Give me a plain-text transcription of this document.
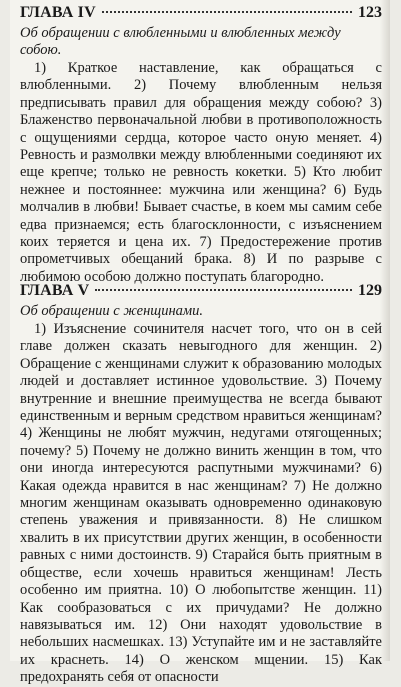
ГЛАВА IV	123
Об обращении с влюбленными и влюбленных между собою.
1) Краткое наставление, как обращаться с влюбленными. 2) Почему влюбленным нельзя предписывать правил для обращения между собою? 3) Блаженство первоначальной любви в противоположность с ощущениями сердца, которое часто оную меняет. 4) Ревность и размолвки между влюбленными соединяют их еще крепче; только не ревность кокетки. 5) Кто любит нежнее и постояннее: мужчина или женщина? 6) Будь молчалив в любви! Бывает счастье, в коем мы самим себе едва признаемся; есть благосклонности, с изъяснением коих теряется и цена их. 7) Предостережение против опрометчивых обещаний брака. 8) И по разрыве с любимою особою должно поступать благородно.
ГЛАВА V	129
Об обращении с женщинами.
1) Изъяснение сочинителя насчет того, что он в сей главе должен сказать невыгодного для женщин. 2) Обращение с женщинами служит к образованию молодых людей и доставляет истинное удовольствие. 3) Почему внутренние и внешние преимущества не всегда бывают единственным и верным средством нравиться женщинам? 4) Женщины не любят мужчин, недугами отягощенных; почему? 5) Почему не должно винить женщин в том, что они иногда интересуются распутными мужчинами? 6) Какая одежда нравится в нас женщинам? 7) Не должно многим женщинам оказывать одновременно одинаковую степень уважения и привязанности. 8) Не слишком хвалить в их присутствии других женщин, в особенности равных с ними достоинств. 9) Старайся быть приятным в обществе, если хочешь нравиться женщинам! Лесть особенно им приятна. 10) О любопытстве женщин. 11) Как сообразоваться с их причудами? Не должно навязываться им. 12) Они находят удовольствие в небольших насмешках. 13) Уступайте им и не заставляйте их краснеть. 14) О женском мщении. 15) Как предохранять себя от опасности
